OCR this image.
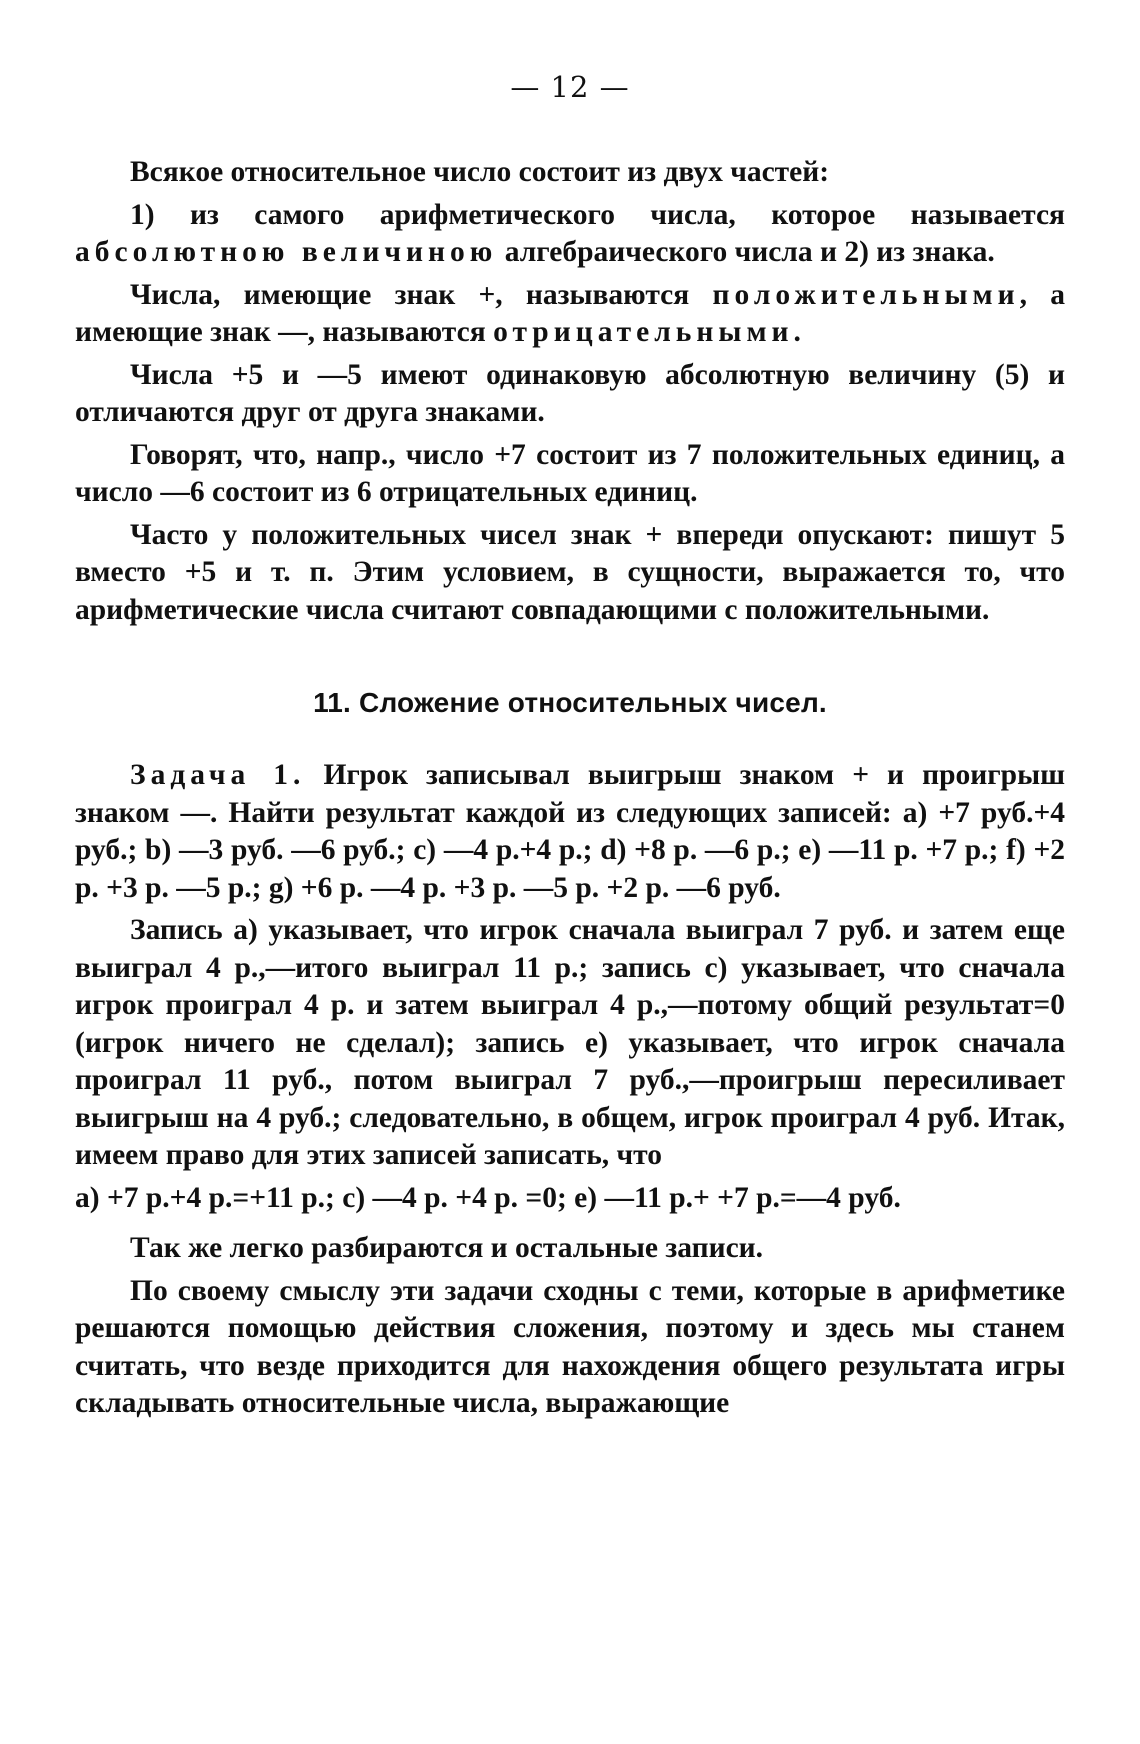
— 12 —

Всякое относительное число состоит из двух частей:

1) из самого арифметического числа, которое называется абсолютною величиною алгебраического числа и 2) из знака.

Числа, имеющие знак +, называются положительными, а имеющие знак —, называются отрицательными.

Числа +5 и —5 имеют одинаковую абсолютную величину (5) и отличаются друг от друга знаками.

Говорят, что, напр., число +7 состоит из 7 положительных единиц, а число —6 состоит из 6 отрицательных единиц.

Часто у положительных чисел знак + впереди опускают: пишут 5 вместо +5 и т. п. Этим условием, в сущности, выражается то, что арифметические числа считают совпадающими с положительными.

11. Сложение относительных чисел.

Задача 1. Игрок записывал выигрыш знаком + и проигрыш знаком —. Найти результат каждой из следующих записей: a) +7 руб.+4 руб.; b) —3 руб. —6 руб.; c) —4 р.+4 р.; d) +8 р. —6 р.; e) —11 р. +7 р.; f) +2 р. +3 р. —5 р.; g) +6 р. —4 р. +3 р. —5 р. +2 р. —6 руб.

Запись a) указывает, что игрок сначала выиграл 7 руб. и затем еще выиграл 4 р.,—итого выиграл 11 р.; запись c) указывает, что сначала игрок проиграл 4 р. и затем выиграл 4 р.,—потому общий результат=0 (игрок ничего не сделал); запись e) указывает, что игрок сначала проиграл 11 руб., потом выиграл 7 руб.,—проигрыш пересиливает выигрыш на 4 руб.; следовательно, в общем, игрок проиграл 4 руб. Итак, имеем право для этих записей записать, что

a) +7 р.+4 р.=+11 р.; c) —4 р. +4 р. =0; e) —11 р.+ +7 р.=—4 руб.

Так же легко разбираются и остальные записи.

По своему смыслу эти задачи сходны с теми, которые в арифметике решаются помощью действия сложения, поэтому и здесь мы станем считать, что везде приходится для нахождения общего результата игры складывать относительные числа, выражающие
